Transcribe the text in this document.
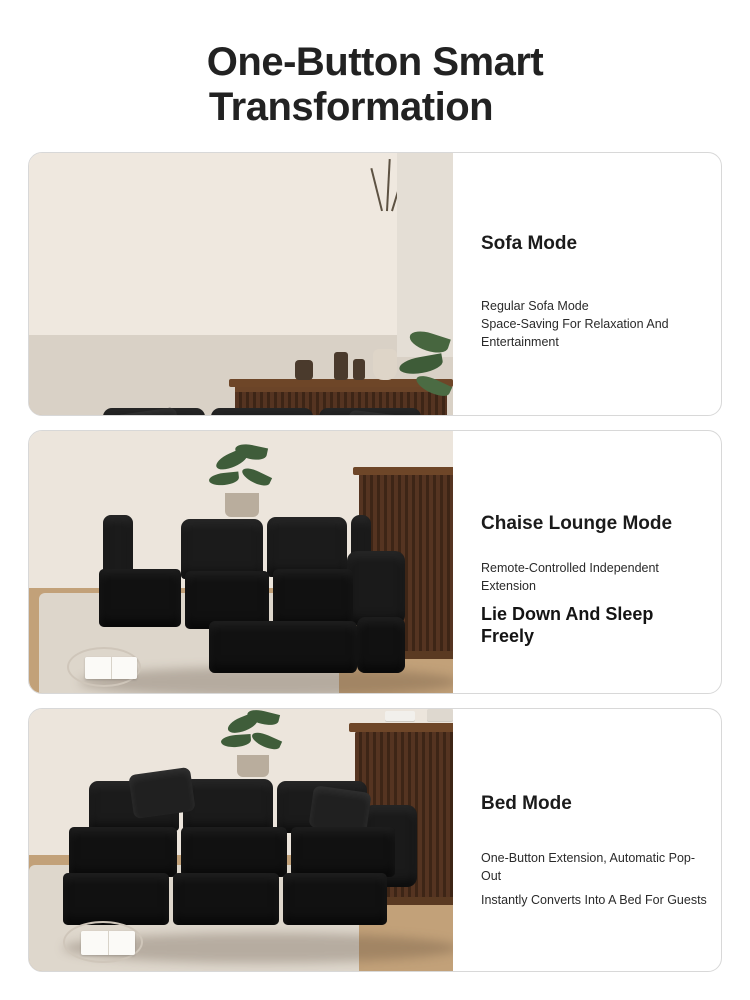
One-Button Smart
Transformation
Sofa Mode
Regular Sofa Mode
Space-Saving For Relaxation And Entertainment
Chaise Lounge Mode
Remote-Controlled Independent Extension
Lie Down And Sleep Freely
Bed Mode
One-Button Extension, Automatic Pop-Out
Instantly Converts Into A Bed For Guests
